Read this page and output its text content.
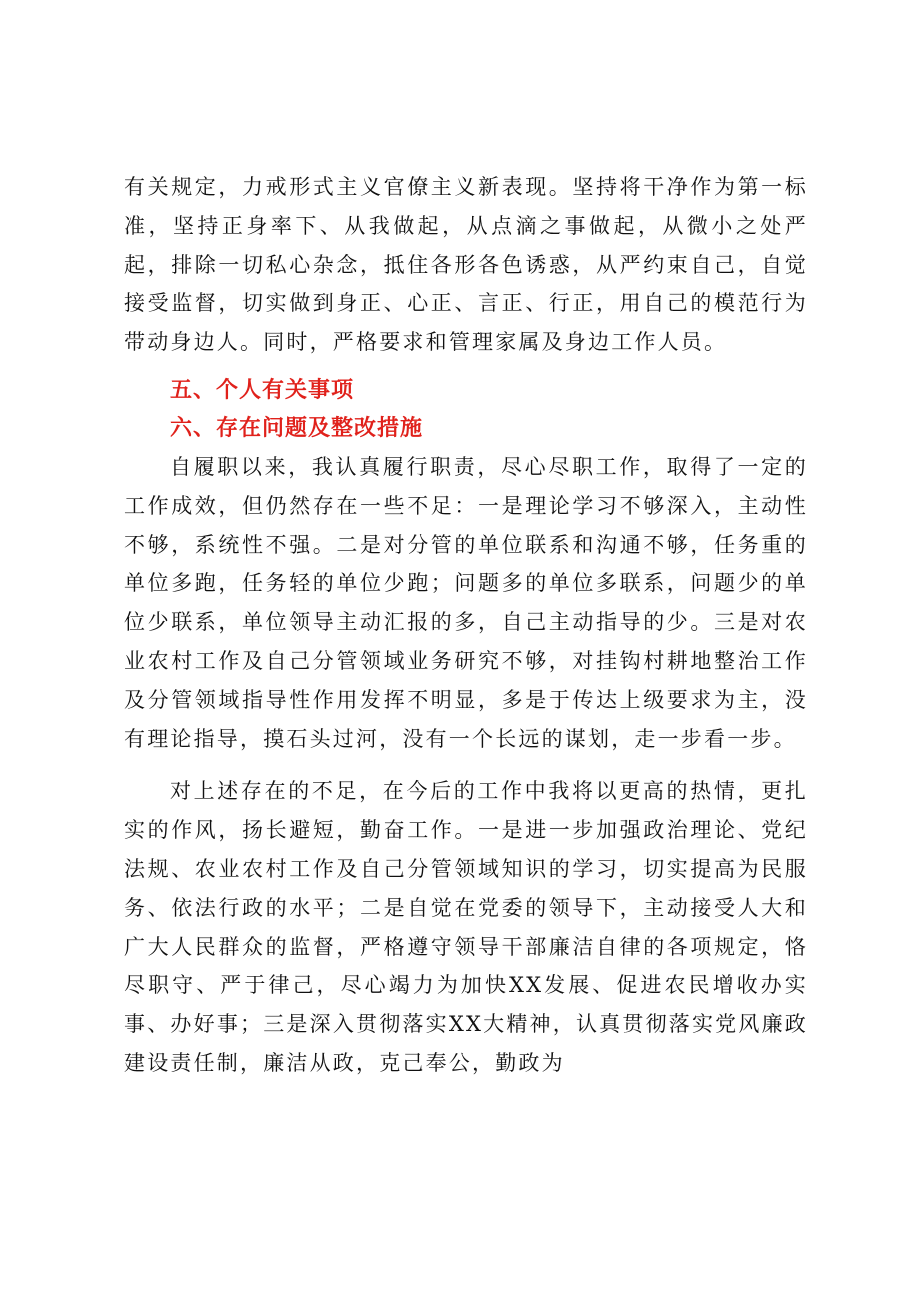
有关规定，力戒形式主义官僚主义新表现。坚持将干净作为第一标准，坚持正身率下、从我做起，从点滴之事做起，从微小之处严起，排除一切私心杂念，抵住各形各色诱惑，从严约束自己，自觉接受监督，切实做到身正、心正、言正、行正，用自己的模范行为带动身边人。同时，严格要求和管理家属及身边工作人员。

五、个人有关事项
六、存在问题及整改措施

自履职以来，我认真履行职责，尽心尽职工作，取得了一定的工作成效，但仍然存在一些不足：一是理论学习不够深入，主动性不够，系统性不强。二是对分管的单位联系和沟通不够，任务重的单位多跑，任务轻的单位少跑；问题多的单位多联系，问题少的单位少联系，单位领导主动汇报的多，自己主动指导的少。三是对农业农村工作及自己分管领域业务研究不够，对挂钩村耕地整治工作及分管领域指导性作用发挥不明显，多是于传达上级要求为主，没有理论指导，摸石头过河，没有一个长远的谋划，走一步看一步。

对上述存在的不足，在今后的工作中我将以更高的热情，更扎实的作风，扬长避短，勤奋工作。一是进一步加强政治理论、党纪法规、农业农村工作及自己分管领域知识的学习，切实提高为民服务、依法行政的水平；二是自觉在党委的领导下，主动接受人大和广大人民群众的监督，严格遵守领导干部廉洁自律的各项规定，恪尽职守、严于律己，尽心竭力为加快XX发展、促进农民增收办实事、办好事；三是深入贯彻落实XX大精神，认真贯彻落实党风廉政建设责任制，廉洁从政，克己奉公，勤政为
